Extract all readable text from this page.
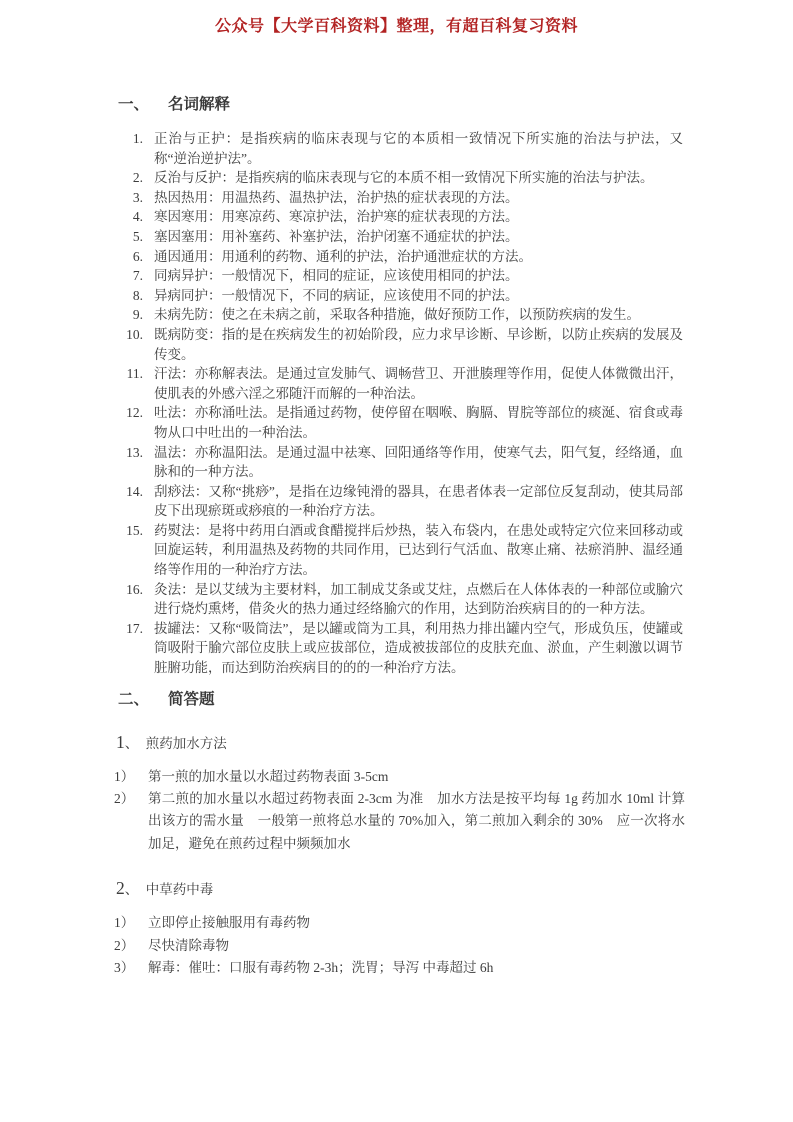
公众号【大学百科资料】整理，有超百科复习资料
一、 名词解释
1. 正治与正护：是指疾病的临床表现与它的本质相一致情况下所实施的治法与护法，又称“逆治逆护法”。
2. 反治与反护：是指疾病的临床表现与它的本质不相一致情况下所实施的治法与护法。
3. 热因热用：用温热药、温热护法，治护热的症状表现的方法。
4. 寒因寒用：用寒凉药、寒凉护法，治护寒的症状表现的方法。
5. 塞因塞用：用补塞药、补塞护法，治护闭塞不通症状的护法。
6. 通因通用：用通利的药物、通利的护法，治护通泄症状的方法。
7. 同病异护：一般情况下，相同的症证，应该使用相同的护法。
8. 异病同护：一般情况下，不同的病证，应该使用不同的护法。
9. 未病先防：使之在未病之前，采取各种措施，做好预防工作，以预防疾病的发生。
10. 既病防变：指的是在疾病发生的初始阶段，应力求早诊断、早诊断，以防止疾病的发展及传变。
11. 汗法：亦称解表法。是通过宣发肺气、调畅营卫、开泄腠理等作用，促使人体微微出汗，使肌表的外感六淫之邪随汗而解的一种治法。
12. 吐法：亦称涌吐法。是指通过药物，使停留在咽喉、胸膈、胃脘等部位的痰涎、宿食或毒物从口中吐出的一种治法。
13. 温法：亦称温阳法。是通过温中祛寒、回阳通络等作用，使寒气去，阳气复，经络通，血脉和的一种方法。
14. 刮痧法：又称“挑痧”，是指在边缘钝滑的器具，在患者体表一定部位反复刮动，使其局部皮下出现瘀斑或痧痕的一种治疗方法。
15. 药熨法：是将中药用白酒或食醋搅拌后炒热，装入布袋内，在患处或特定穴位来回移动或回旋运转，利用温热及药物的共同作用，已达到行气活血、散寒止痛、祛瘀消肿、温经通络等作用的一种治疗方法。
16. 灸法：是以艾绒为主要材料，加工制成艾条或艾炷，点燃后在人体体表的一种部位或腧穴进行烧灼熏烤，借灸火的热力通过经络腧穴的作用，达到防治疾病目的的一种方法。
17. 拔罐法：又称“吸筒法”，是以罐或筒为工具，利用热力排出罐内空气，形成负压，使罐或筒吸附于腧穴部位皮肤上或应拔部位，造成被拔部位的皮肤充血、淤血，产生刺激以调节脏腑功能，而达到防治疾病目的的的一种治疗方法。
二、 简答题
1、 煎药加水方法
1）	第一煎的加水量以水超过药物表面 3-5cm
2）	第二煎的加水量以水超过药物表面 2-3cm 为准　加水方法是按平均每 1g 药加水 10ml 计算出该方的需水量　一般第一煎将总水量的 70%加入，第二煎加入剩余的 30%　应一次将水加足，避免在煎药过程中频频加水
2、 中草药中毒
1）	立即停止接触服用有毒药物
2）	尽快清除毒物
3）	解毒：催吐：口服有毒药物 2-3h；洗胃；导泻 中毒超过 6h
